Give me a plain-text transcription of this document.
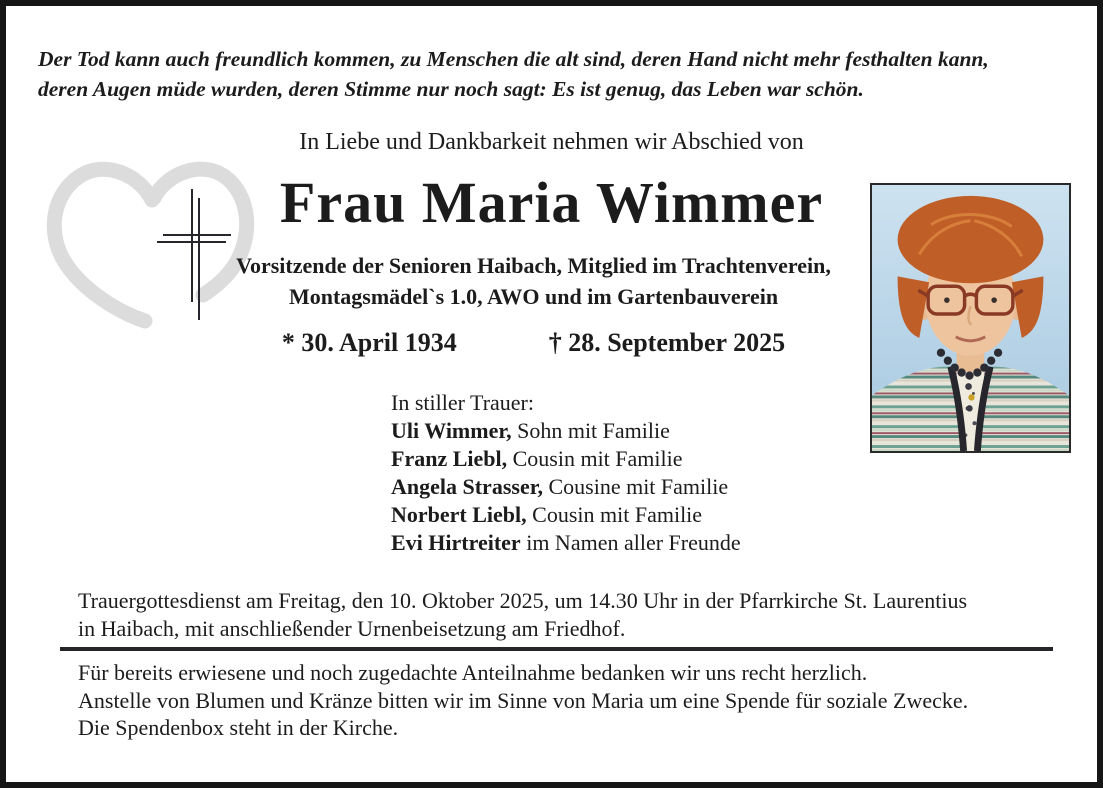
Der Tod kann auch freundlich kommen, zu Menschen die alt sind, deren Hand nicht mehr festhalten kann,
deren Augen müde wurden, deren Stimme nur noch sagt: Es ist genug, das Leben war schön.
In Liebe und Dankbarkeit nehmen wir Abschied von
Frau Maria Wimmer
Vorsitzende der Senioren Haibach, Mitglied im Trachtenverein,
Montagsmädel`s 1.0, AWO und im Gartenbauverein
* 30. April 1934	† 28. September 2025
In stiller Trauer:
Uli Wimmer, Sohn mit Familie
Franz Liebl, Cousin mit Familie
Angela Strasser, Cousine mit Familie
Norbert Liebl, Cousin mit Familie
Evi Hirtreiter im Namen aller Freunde
Trauergottesdienst am Freitag, den 10. Oktober 2025, um 14.30 Uhr in der Pfarrkirche St. Laurentius
in Haibach, mit anschließender Urnenbeisetzung am Friedhof.
Für bereits erwiesene und noch zugedachte Anteilnahme bedanken wir uns recht herzlich.
Anstelle von Blumen und Kränze bitten wir im Sinne von Maria um eine Spende für soziale Zwecke.
Die Spendenbox steht in der Kirche.
